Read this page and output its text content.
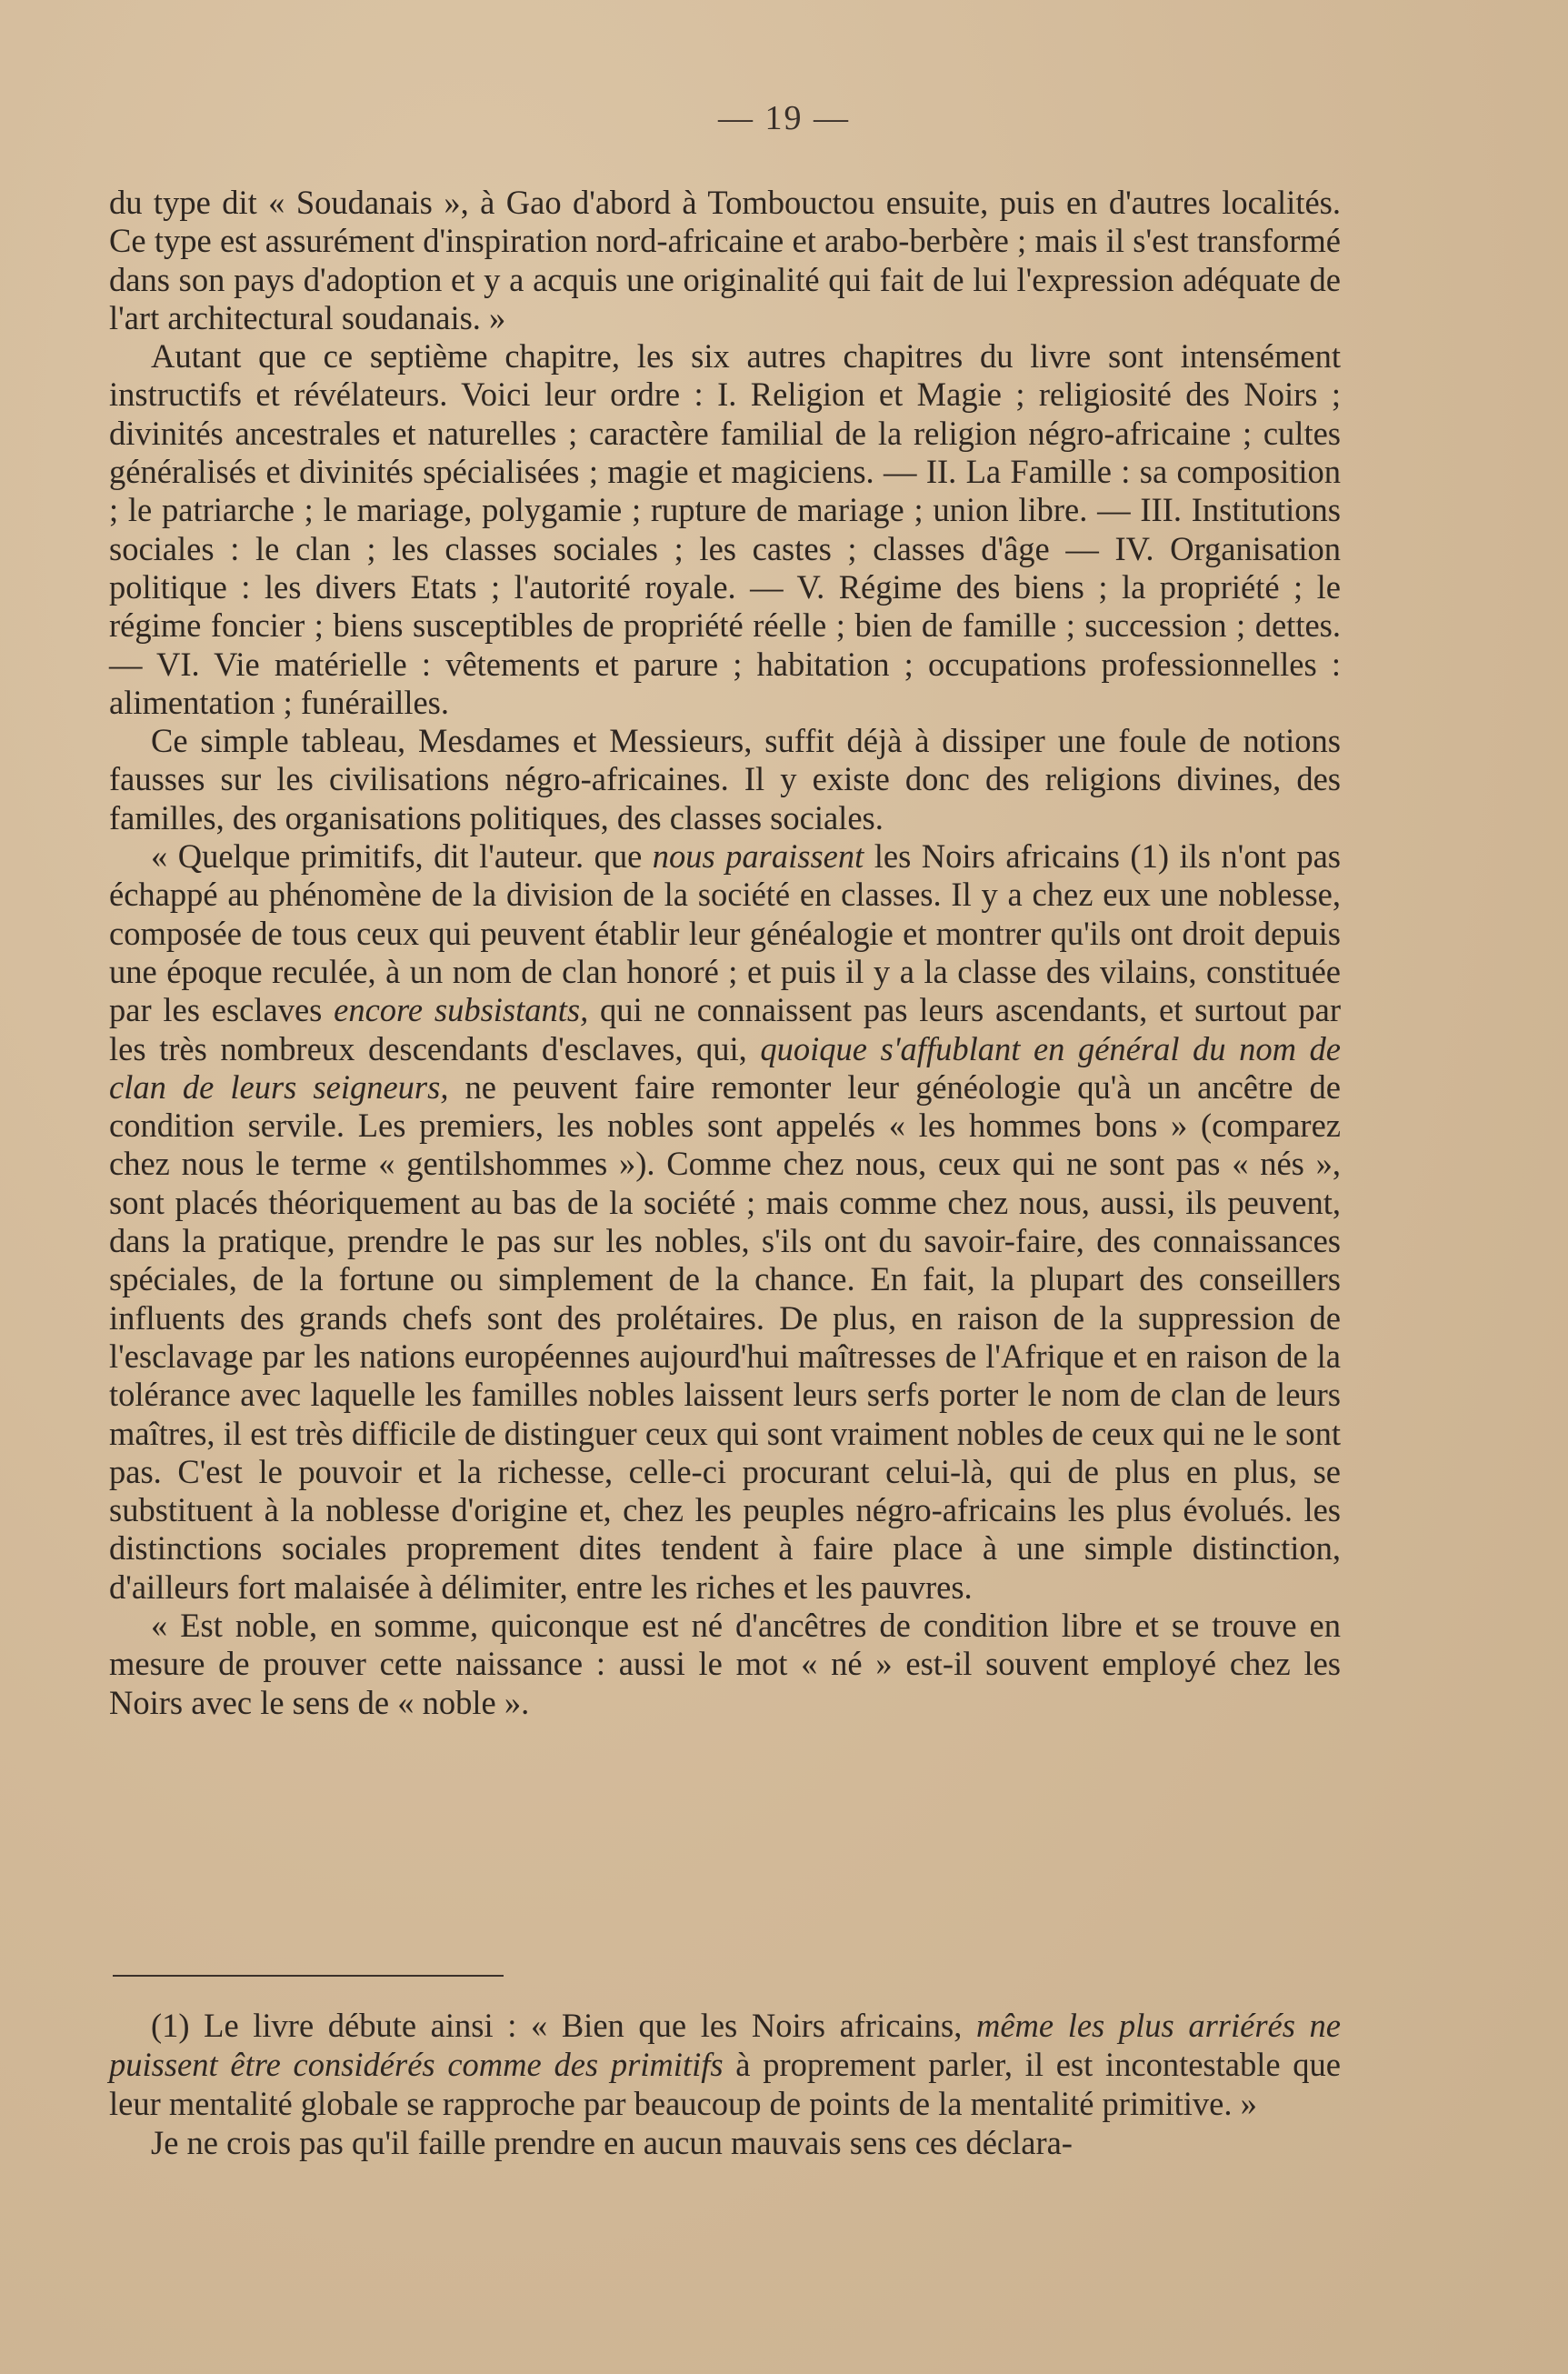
— 19 —

du type dit « Soudanais », à Gao d'abord à Tombouctou ensuite, puis en d'autres localités. Ce type est assurément d'inspiration nord-africaine et arabo-berbère ; mais il s'est transformé dans son pays d'adoption et y a acquis une originalité qui fait de lui l'expression adéquate de l'art architectural soudanais. »

Autant que ce septième chapitre, les six autres chapitres du livre sont intensément instructifs et révélateurs. Voici leur ordre : I. Religion et Magie ; religiosité des Noirs ; divinités ancestrales et naturelles ; caractère familial de la religion négro-africaine ; cultes généralisés et divinités spécialisées ; magie et magiciens. — II. La Famille : sa composition ; le patriarche ; le mariage, polygamie ; rupture de mariage ; union libre. — III. Institutions sociales : le clan ; les classes sociales ; les castes ; classes d'âge — IV. Organisation politique : les divers Etats ; l'autorité royale. — V. Régime des biens ; la propriété ; le régime foncier ; biens susceptibles de propriété réelle ; bien de famille ; succession ; dettes. — VI. Vie matérielle : vêtements et parure ; habitation ; occupations professionnelles : alimentation ; funérailles.

Ce simple tableau, Mesdames et Messieurs, suffit déjà à dissiper une foule de notions fausses sur les civilisations négro-africaines. Il y existe donc des religions divines, des familles, des organisations politiques, des classes sociales.

« Quelque primitifs, dit l'auteur. que nous paraissent les Noirs africains (1) ils n'ont pas échappé au phénomène de la division de la société en classes. Il y a chez eux une noblesse, composée de tous ceux qui peuvent établir leur généalogie et montrer qu'ils ont droit depuis une époque reculée, à un nom de clan honoré ; et puis il y a la classe des vilains, constituée par les esclaves encore subsistants, qui ne connaissent pas leurs ascendants, et surtout par les très nombreux descendants d'esclaves, qui, quoique s'affublant en général du nom de clan de leurs seigneurs, ne peuvent faire remonter leur généologie qu'à un ancêtre de condition servile. Les premiers, les nobles sont appelés « les hommes bons » (comparez chez nous le terme « gentilshommes »). Comme chez nous, ceux qui ne sont pas « nés », sont placés théoriquement au bas de la société ; mais comme chez nous, aussi, ils peuvent, dans la pratique, prendre le pas sur les nobles, s'ils ont du savoir-faire, des connaissances spéciales, de la fortune ou simplement de la chance. En fait, la plupart des conseillers influents des grands chefs sont des prolétaires. De plus, en raison de la suppression de l'esclavage par les nations européennes aujourd'hui maîtresses de l'Afrique et en raison de la tolérance avec laquelle les familles nobles laissent leurs serfs porter le nom de clan de leurs maîtres, il est très difficile de distinguer ceux qui sont vraiment nobles de ceux qui ne le sont pas. C'est le pouvoir et la richesse, celle-ci procurant celui-là, qui de plus en plus, se substituent à la noblesse d'origine et, chez les peuples négro-africains les plus évolués. les distinctions sociales proprement dites tendent à faire place à une simple distinction, d'ailleurs fort malaisée à délimiter, entre les riches et les pauvres.

« Est noble, en somme, quiconque est né d'ancêtres de condition libre et se trouve en mesure de prouver cette naissance : aussi le mot « né » est-il souvent employé chez les Noirs avec le sens de « noble ».

(1) Le livre débute ainsi : « Bien que les Noirs africains, même les plus arriérés ne puissent être considérés comme des primitifs à proprement parler, il est incontestable que leur mentalité globale se rapproche par beaucoup de points de la mentalité primitive. »

Je ne crois pas qu'il faille prendre en aucun mauvais sens ces déclara-
